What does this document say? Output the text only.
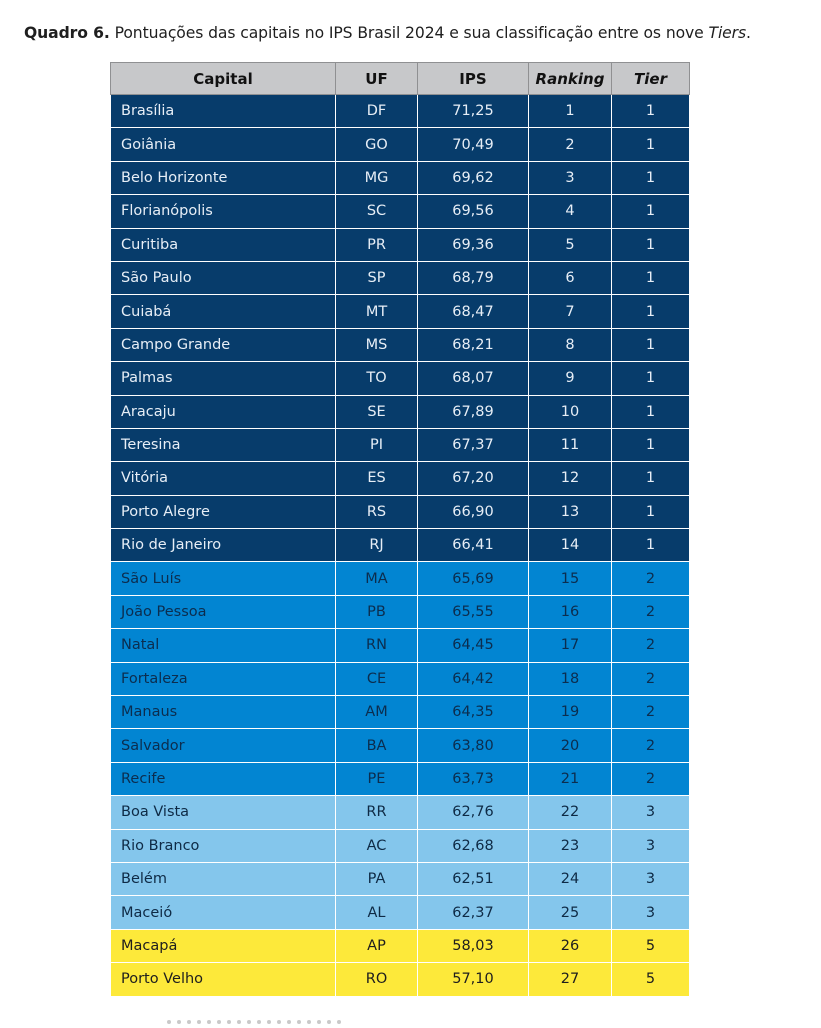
Quadro 6. Pontuações das capitais no IPS Brasil 2024 e sua classificação entre os nove Tiers.
Capital	UF	IPS	Ranking	Tier
Brasília	DF	71,25	1	1
Goiânia	GO	70,49	2	1
Belo Horizonte	MG	69,62	3	1
Florianópolis	SC	69,56	4	1
Curitiba	PR	69,36	5	1
São Paulo	SP	68,79	6	1
Cuiabá	MT	68,47	7	1
Campo Grande	MS	68,21	8	1
Palmas	TO	68,07	9	1
Aracaju	SE	67,89	10	1
Teresina	PI	67,37	11	1
Vitória	ES	67,20	12	1
Porto Alegre	RS	66,90	13	1
Rio de Janeiro	RJ	66,41	14	1
São Luís	MA	65,69	15	2
João Pessoa	PB	65,55	16	2
Natal	RN	64,45	17	2
Fortaleza	CE	64,42	18	2
Manaus	AM	64,35	19	2
Salvador	BA	63,80	20	2
Recife	PE	63,73	21	2
Boa Vista	RR	62,76	22	3
Rio Branco	AC	62,68	23	3
Belém	PA	62,51	24	3
Maceió	AL	62,37	25	3
Macapá	AP	58,03	26	5
Porto Velho	RO	57,10	27	5
